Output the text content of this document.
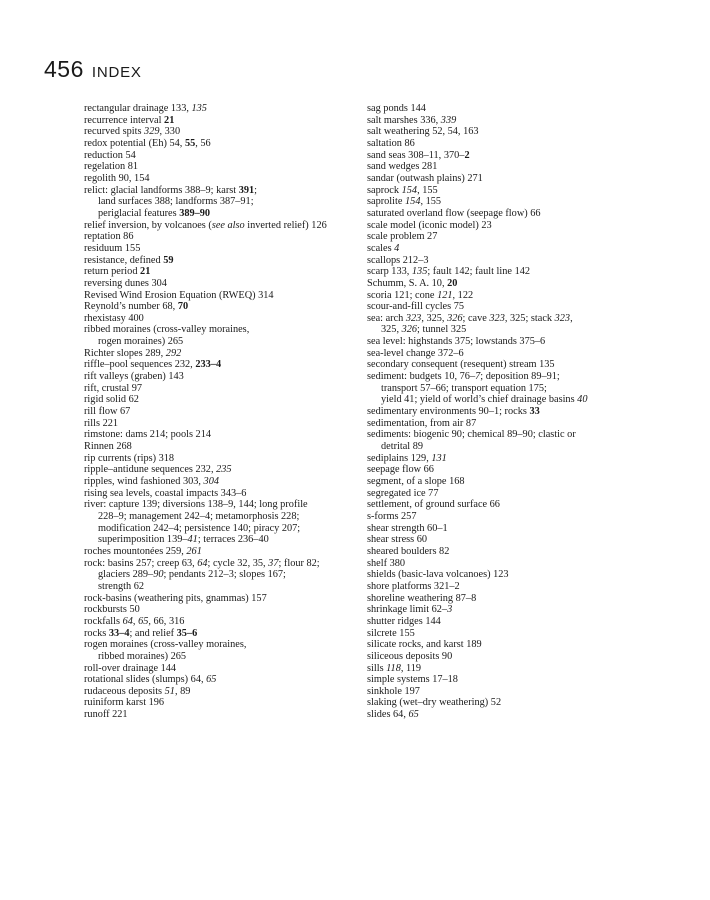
456 INDEX
rectangular drainage 133, 135
recurrence interval 21
recurved spits 329, 330
redox potential (Eh) 54, 55, 56
reduction 54
regelation 81
regolith 90, 154
relict: glacial landforms 388–9; karst 391;
land surfaces 388; landforms 387–91;
periglacial features 389–90
relief inversion, by volcanoes (see also inverted relief) 126
reptation 86
residuum 155
resistance, defined 59
return period 21
reversing dunes 304
Revised Wind Erosion Equation (RWEQ) 314
Reynold’s number 68, 70
rhexistasy 400
ribbed moraines (cross-valley moraines,
rogen moraines) 265
Richter slopes 289, 292
riffle–pool sequences 232, 233–4
rift valleys (graben) 143
rift, crustal 97
rigid solid 62
rill flow 67
rills 221
rimstone: dams 214; pools 214
Rinnen 268
rip currents (rips) 318
ripple–antidune sequences 232, 235
ripples, wind fashioned 303, 304
rising sea levels, coastal impacts 343–6
river: capture 139; diversions 138–9, 144; long profile
228–9; management 242–4; metamorphosis 228;
modification 242–4; persistence 140; piracy 207;
superimposition 139–41; terraces 236–40
roches mountonées 259, 261
rock: basins 257; creep 63, 64; cycle 32, 35, 37; flour 82;
glaciers 289–90; pendants 212–3; slopes 167;
strength 62
rock-basins (weathering pits, gnammas) 157
rockbursts 50
rockfalls 64, 65, 66, 316
rocks 33–4; and relief 35–6
rogen moraines (cross-valley moraines,
ribbed moraines) 265
roll-over drainage 144
rotational slides (slumps) 64, 65
rudaceous deposits 51, 89
ruiniform karst 196
runoff 221
sag ponds 144
salt marshes 336, 339
salt weathering 52, 54, 163
saltation 86
sand seas 308–11, 370–2
sand wedges 281
sandar (outwash plains) 271
saprock 154, 155
saprolite 154, 155
saturated overland flow (seepage flow) 66
scale model (iconic model) 23
scale problem 27
scales 4
scallops 212–3
scarp 133, 135; fault 142; fault line 142
Schumm, S. A. 10, 20
scoria 121; cone 121, 122
scour-and-fill cycles 75
sea: arch 323, 325, 326; cave 323, 325; stack 323,
325, 326; tunnel 325
sea level: highstands 375; lowstands 375–6
sea-level change 372–6
secondary consequent (resequent) stream 135
sediment: budgets 10, 76–7; deposition 89–91;
transport 57–66; transport equation 175;
yield 41; yield of world’s chief drainage basins 40
sedimentary environments 90–1; rocks 33
sedimentation, from air 87
sediments: biogenic 90; chemical 89–90; clastic or
detrital 89
sediplains 129, 131
seepage flow 66
segment, of a slope 168
segregated ice 77
settlement, of ground surface 66
s-forms 257
shear strength 60–1
shear stress 60
sheared boulders 82
shelf 380
shields (basic-lava volcanoes) 123
shore platforms 321–2
shoreline weathering 87–8
shrinkage limit 62–3
shutter ridges 144
silcrete 155
silicate rocks, and karst 189
siliceous deposits 90
sills 118, 119
simple systems 17–18
sinkhole 197
slaking (wet–dry weathering) 52
slides 64, 65
